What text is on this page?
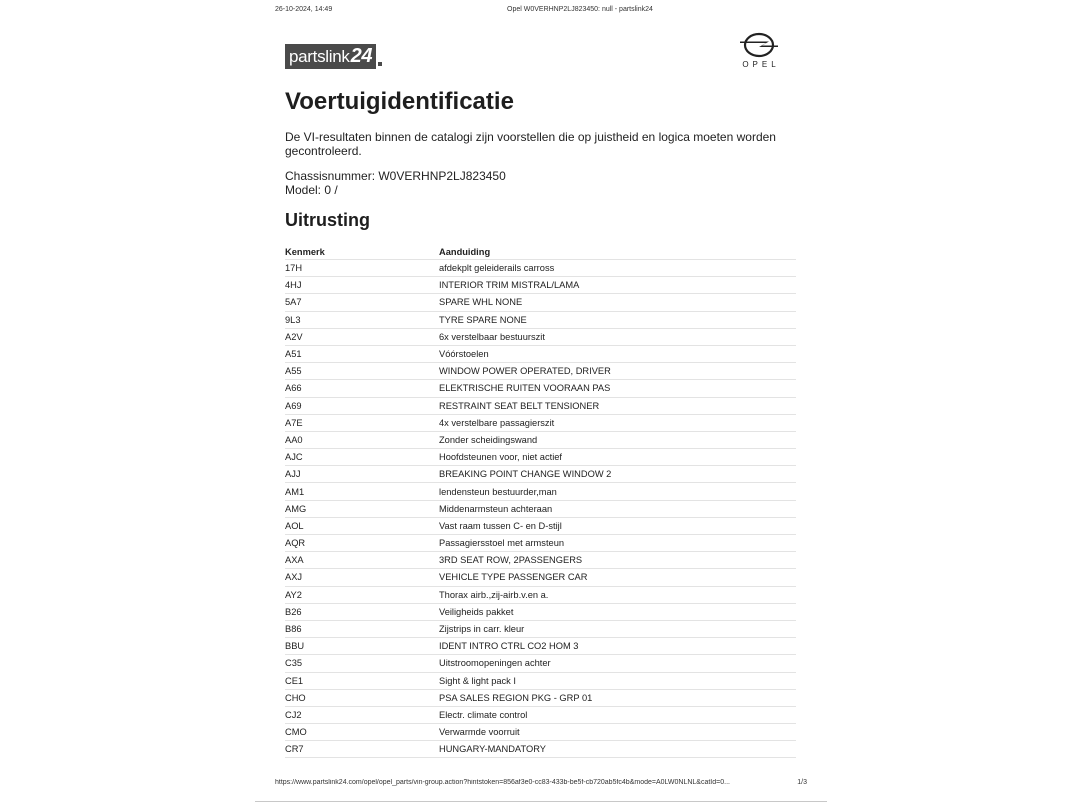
26-10-2024, 14:49	Opel W0VERHNP2LJ823450: null - partslink24
partslink 24	OPEL
Voertuigidentificatie
De VI-resultaten binnen de catalogi zijn voorstellen die op juistheid en logica moeten worden gecontroleerd.
Chassisnummer: W0VERHNP2LJ823450
Model: 0 /
Uitrusting
Kenmerk	Aanduiding
17H	afdekplt geleiderails carross
4HJ	INTERIOR TRIM MISTRAL/LAMA
5A7	SPARE WHL NONE
9L3	TYRE SPARE NONE
A2V	6x verstelbaar bestuurszit
A51	Vóórstoelen
A55	WINDOW POWER OPERATED, DRIVER
A66	ELEKTRISCHE RUITEN VOORAAN PAS
A69	RESTRAINT SEAT BELT TENSIONER
A7E	4x verstelbare passagierszit
AA0	Zonder scheidingswand
AJC	Hoofdsteunen voor, niet actief
AJJ	BREAKING POINT CHANGE WINDOW 2
AM1	lendensteun bestuurder,man
AMG	Middenarmsteun achteraan
AOL	Vast raam tussen C- en D-stijl
AQR	Passagiersstoel met armsteun
AXA	3RD SEAT ROW, 2PASSENGERS
AXJ	VEHICLE TYPE PASSENGER CAR
AY2	Thorax airb.,zij-airb.v.en a.
B26	Veiligheids pakket
B86	Zijstrips in carr. kleur
BBU	IDENT INTRO CTRL CO2 HOM 3
C35	Uitstroomopeningen achter
CE1	Sight & light pack I
CHO	PSA SALES REGION PKG - GRP 01
CJ2	Electr. climate control
CMO	Verwarmde voorruit
CR7	HUNGARY-MANDATORY
https://www.partslink24.com/opel/opel_parts/vin-group.action?hintstoken=856af3e0-cc83-433b-be5f-cb720ab5fc4b&mode=A0LW0NLNL&catId=0...	1/3
